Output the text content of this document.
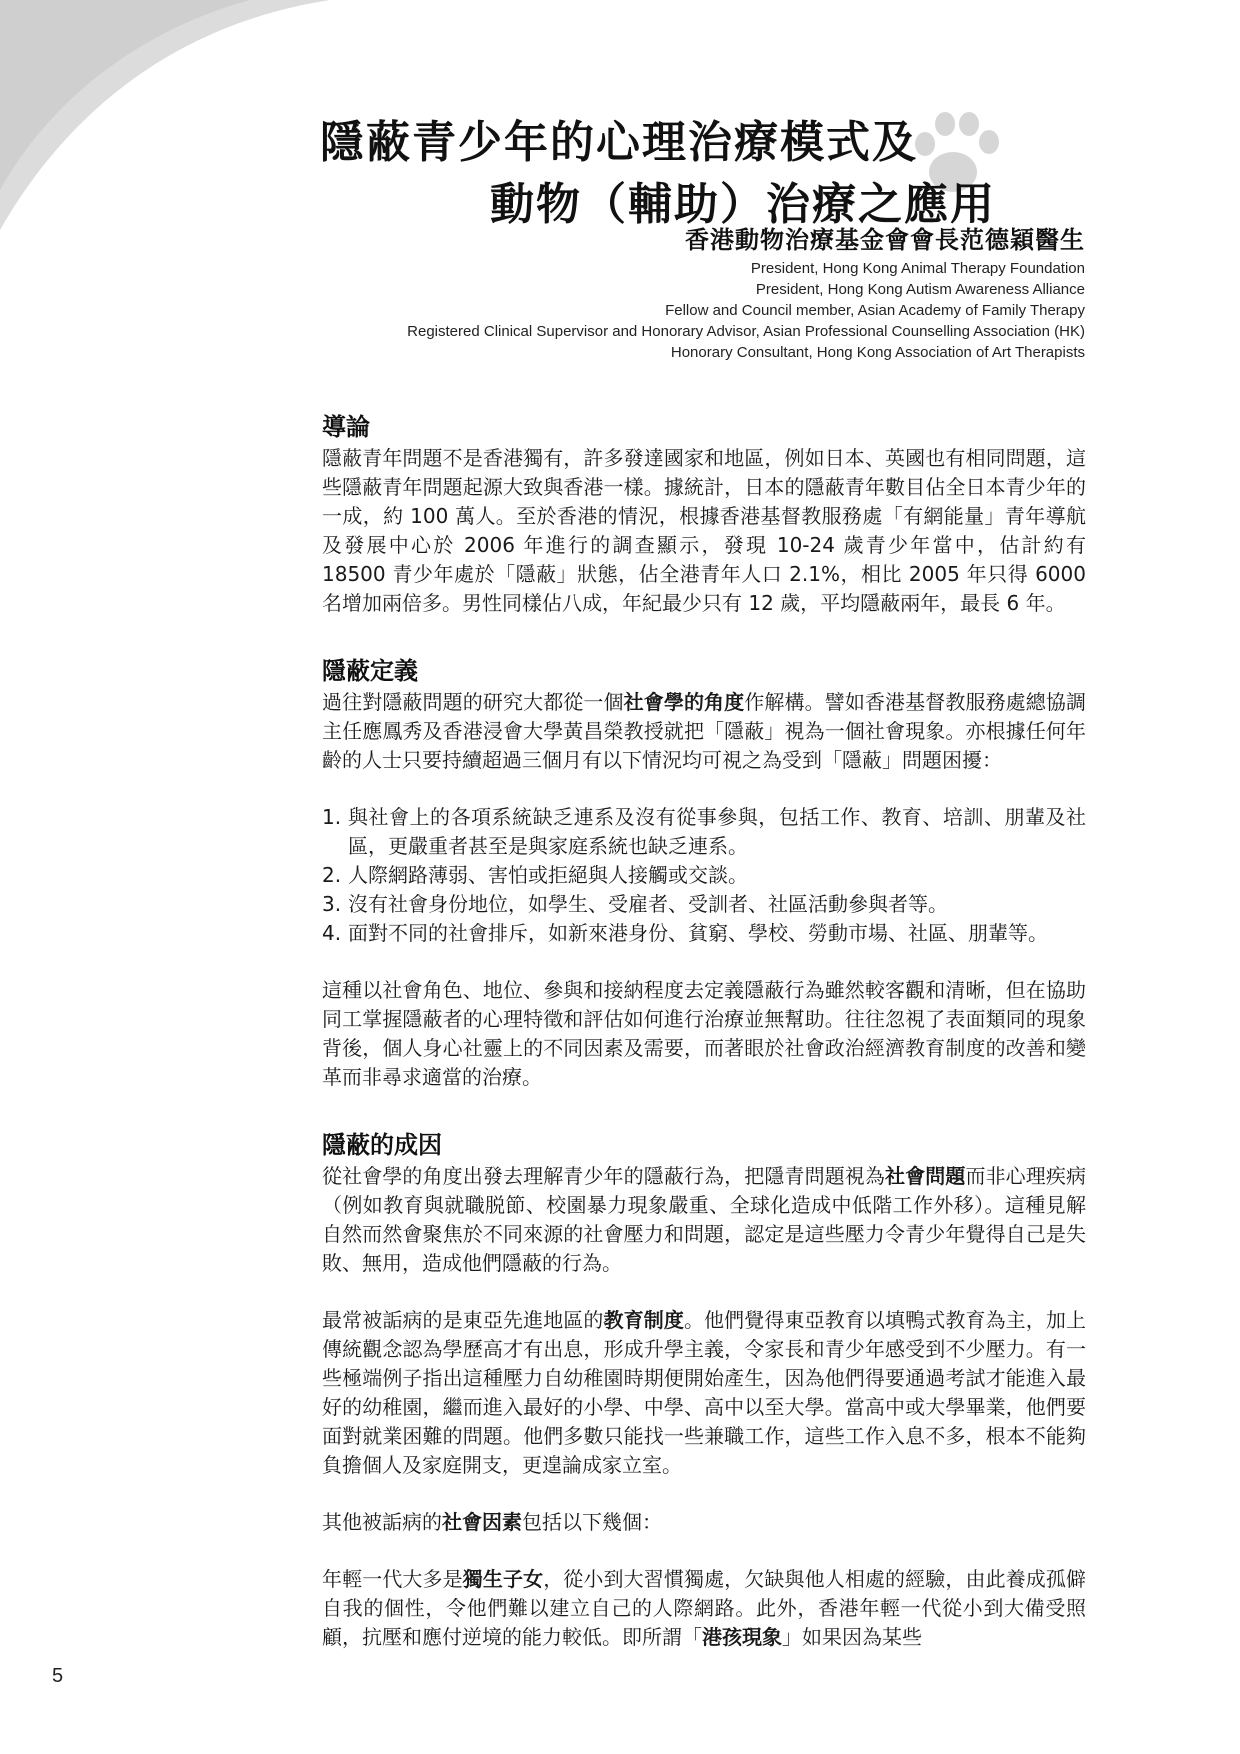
隱蔽青少年的心理治療模式及
動物（輔助）治療之應用
香港動物治療基金會會長范德穎醫生
President, Hong Kong Animal Therapy Foundation
President, Hong Kong Autism Awareness Alliance
Fellow and Council member, Asian Academy of Family Therapy
Registered Clinical Supervisor and Honorary Advisor, Asian Professional Counselling Association (HK)
Honorary Consultant, Hong Kong Association of Art Therapists
導論

隱蔽青年問題不是香港獨有，許多發達國家和地區，例如日本、英國也有相同問題，這些隱蔽青年問題起源大致與香港一樣。據統計，日本的隱蔽青年數目佔全日本青少年的一成，約 100 萬人。至於香港的情況，根據香港基督教服務處「有網能量」青年導航及發展中心於 2006 年進行的調查顯示，發現 10-24 歲青少年當中，估計約有 18500 青少年處於「隱蔽」狀態，佔全港青年人口 2.1%，相比 2005 年只得 6000 名增加兩倍多。男性同樣佔八成，年紀最少只有 12 歲，平均隱蔽兩年，最長 6 年。

隱蔽定義

過往對隱蔽問題的研究大都從一個社會學的角度作解構。譬如香港基督教服務處總協調主任應鳳秀及香港浸會大學黃昌榮教授就把「隱蔽」視為一個社會現象。亦根據任何年齡的人士只要持續超過三個月有以下情況均可視之為受到「隱蔽」問題困擾：

1. 與社會上的各項系統缺乏連系及沒有從事參與，包括工作、教育、培訓、朋輩及社區，更嚴重者甚至是與家庭系統也缺乏連系。
2. 人際網路薄弱、害怕或拒絕與人接觸或交談。
3. 沒有社會身份地位，如學生、受雇者、受訓者、社區活動參與者等。
4. 面對不同的社會排斥，如新來港身份、貧窮、學校、勞動市場、社區、朋輩等。

這種以社會角色、地位、參與和接納程度去定義隱蔽行為雖然較客觀和清晰，但在協助同工掌握隱蔽者的心理特徵和評估如何進行治療並無幫助。往往忽視了表面類同的現象背後，個人身心社靈上的不同因素及需要，而著眼於社會政治經濟教育制度的改善和變革而非尋求適當的治療。

隱蔽的成因

從社會學的角度出發去理解青少年的隱蔽行為，把隱青問題視為社會問題而非心理疾病（例如教育與就職脱節、校園暴力現象嚴重、全球化造成中低階工作外移）。這種見解自然而然會聚焦於不同來源的社會壓力和問題，認定是這些壓力令青少年覺得自己是失敗、無用，造成他們隱蔽的行為。

最常被詬病的是東亞先進地區的教育制度。他們覺得東亞教育以填鴨式教育為主，加上傳統觀念認為學歷高才有出息，形成升學主義，令家長和青少年感受到不少壓力。有一些極端例子指出這種壓力自幼稚園時期便開始產生，因為他們得要通過考試才能進入最好的幼稚園，繼而進入最好的小學、中學、高中以至大學。當高中或大學畢業，他們要面對就業困難的問題。他們多數只能找一些兼職工作，這些工作入息不多，根本不能夠負擔個人及家庭開支，更遑論成家立室。

其他被詬病的社會因素包括以下幾個：

年輕一代大多是獨生子女，從小到大習慣獨處，欠缺與他人相處的經驗，由此養成孤僻自我的個性，令他們難以建立自己的人際網路。此外，香港年輕一代從小到大備受照顧，抗壓和應付逆境的能力較低。即所謂「港孩現象」如果因為某些

5
